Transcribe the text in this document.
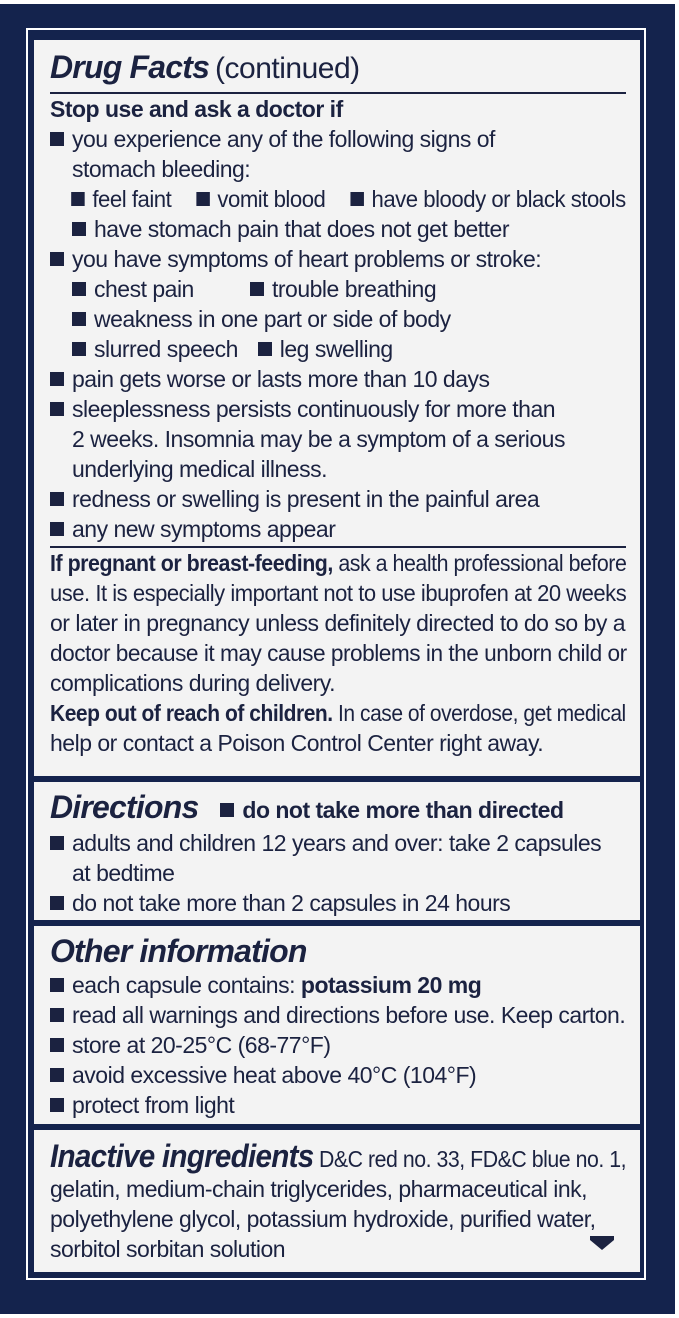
Drug Facts (continued)
Stop use and ask a doctor if
you experience any of the following signs of
stomach bleeding:
feel faint vomit blood have bloody or black stools
have stomach pain that does not get better
you have symptoms of heart problems or stroke:
chest pain	trouble breathing
weakness in one part or side of body
slurred speech leg swelling
pain gets worse or lasts more than 10 days
sleeplessness persists continuously for more than
2 weeks. Insomnia may be a symptom of a serious
underlying medical illness.
redness or swelling is present in the painful area
any new symptoms appear
If pregnant or breast-feeding, ask a health professional before
use. It is especially important not to use ibuprofen at 20 weeks
or later in pregnancy unless definitely directed to do so by a
doctor because it may cause problems in the unborn child or
complications during delivery.
Keep out of reach of children. In case of overdose, get medical
help or contact a Poison Control Center right away.
Directions do not take more than directed
adults and children 12 years and over: take 2 capsules
at bedtime
do not take more than 2 capsules in 24 hours
Other information
each capsule contains: potassium 20 mg
read all warnings and directions before use. Keep carton.
store at 20-25°C (68-77°F)
avoid excessive heat above 40°C (104°F)
protect from light
Inactive ingredients D&C red no. 33, FD&C blue no. 1,
gelatin, medium-chain triglycerides, pharmaceutical ink,
polyethylene glycol, potassium hydroxide, purified water,
sorbitol sorbitan solution
